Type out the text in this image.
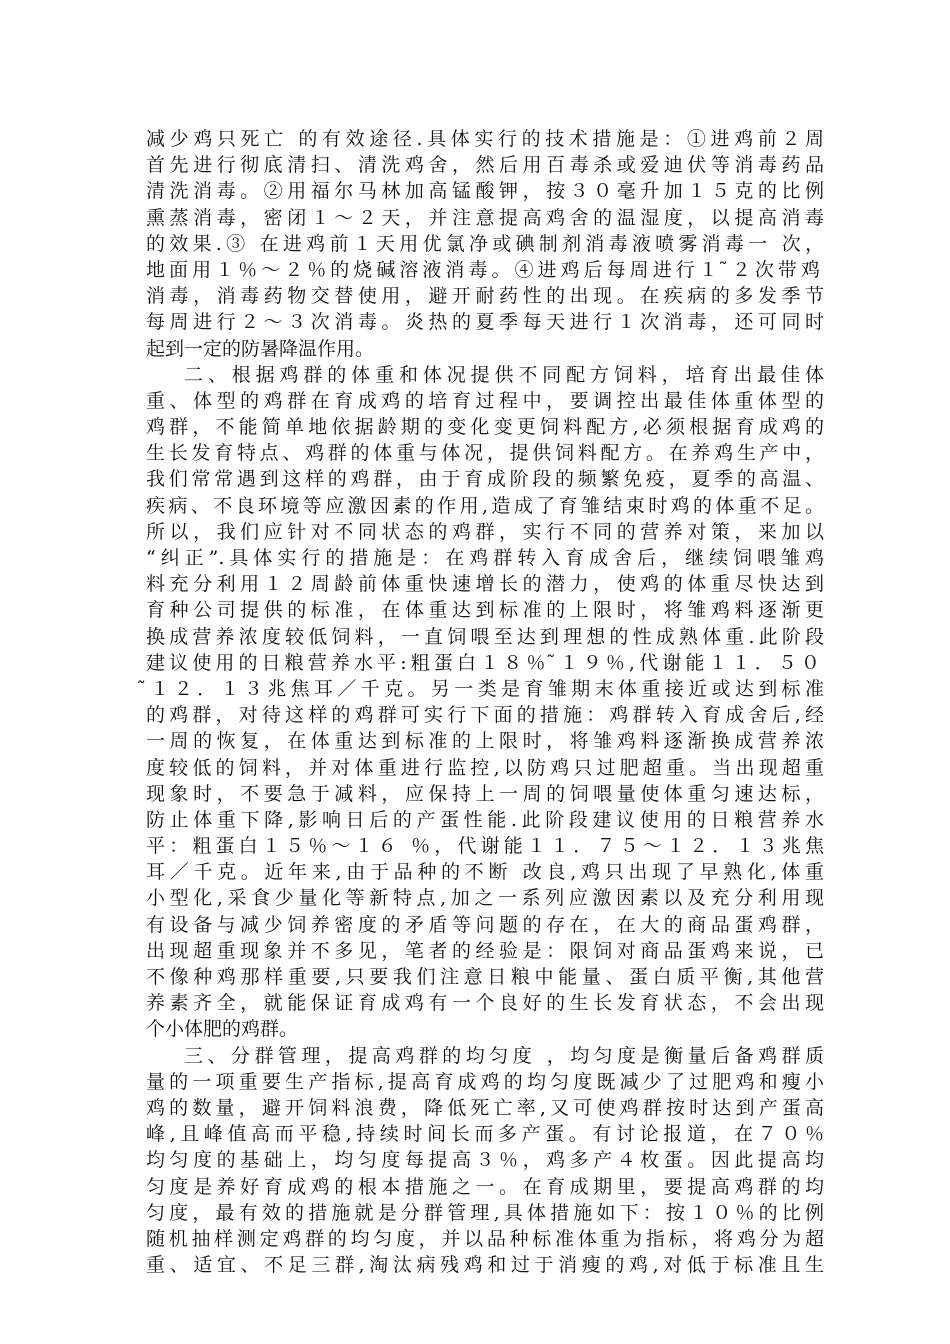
减少鸡只死亡 的有效途径.具体实行的技术措施是：①进鸡前２周
首先进行彻底清扫、清洗鸡舍，然后用百毒杀或爱迪伏等消毒药品
清洗消毒。②用福尔马林加高锰酸钾，按３０毫升加１５克的比例
熏蒸消毒，密闭１～２天，并注意提高鸡舍的温湿度，以提高消毒
的效果.③ 在进鸡前１天用优氯净或碘制剂消毒液喷雾消毒一 次，
地面用１％～２％的烧碱溶液消毒。④进鸡后每周进行１ ̃２次带鸡
消毒，消毒药物交替使用，避开耐药性的出现。在疾病的多发季节
每周进行２～３次消毒。炎热的夏季每天进行１次消毒，还可同时
起到一定的防暑降温作用。
二、根据鸡群的体重和体况提供不同配方饲料，培育出最佳体
重、体型的鸡群在育成鸡的培育过程中，要调控出最佳体重体型的
鸡群，不能简单地依据龄期的变化变更饲料配方,必须根据育成鸡的
生长发育特点、鸡群的体重与体况，提供饲料配方。在养鸡生产中，
我们常常遇到这样的鸡群，由于育成阶段的频繁免疫，夏季的高温、
疾病、不良环境等应激因素的作用,造成了育雏结束时鸡的体重不足。
所以，我们应针对不同状态的鸡群，实行不同的营养对策，来加以
“纠正”.具体实行的措施是：在鸡群转入育成舍后，继续饲喂雏鸡
料充分利用１２周龄前体重快速增长的潜力，使鸡的体重尽快达到
育种公司提供的标准，在体重达到标准的上限时，将雏鸡料逐渐更
换成营养浓度较低饲料，一直饲喂至达到理想的性成熟体重.此阶段
建议使用的日粮营养水平:粗蛋白１８％ ̃１９％,代谢能１１．５０
̃１２．１３兆焦耳／千克。另一类是育雏期末体重接近或达到标准
的鸡群，对待这样的鸡群可实行下面的措施：鸡群转入育成舍后,经
一周的恢复，在体重达到标准的上限时，将雏鸡料逐渐换成营养浓
度较低的饲料，并对体重进行监控,以防鸡只过肥超重。当出现超重
现象时，不要急于减料，应保持上一周的饲喂量使体重匀速达标，
防止体重下降,影响日后的产蛋性能.此阶段建议使用的日粮营养水
平：粗蛋白１５％～１６ ％，代谢能１１．７５～１２．１３兆焦
耳／千克。近年来,由于品种的不断 改良,鸡只出现了早熟化,体重
小型化,采食少量化等新特点,加之一系列应激因素以及充分利用现
有设备与减少饲养密度的矛盾等问题的存在，在大的商品蛋鸡群，
出现超重现象并不多见，笔者的经验是：限饲对商品蛋鸡来说，已
不像种鸡那样重要,只要我们注意日粮中能量、蛋白质平衡,其他营
养素齐全，就能保证育成鸡有一个良好的生长发育状态，不会出现
个小体肥的鸡群。
三、分群管理，提高鸡群的均匀度 ，均匀度是衡量后备鸡群质
量的一项重要生产指标,提高育成鸡的均匀度既减少了过肥鸡和瘦小
鸡的数量，避开饲料浪费，降低死亡率,又可使鸡群按时达到产蛋高
峰,且峰值高而平稳,持续时间长而多产蛋。有讨论报道，在７０％
均匀度的基础上，均匀度每提高３％，鸡多产４枚蛋。因此提高均
匀度是养好育成鸡的根本措施之一。在育成期里，要提高鸡群的均
匀度，最有效的措施就是分群管理,具体措施如下：按１０％的比例
随机抽样测定鸡群的均匀度，并以品种标准体重为指标，将鸡分为超
重、适宜、不足三群,淘汰病残鸡和过于消瘦的鸡,对低于标准且生
